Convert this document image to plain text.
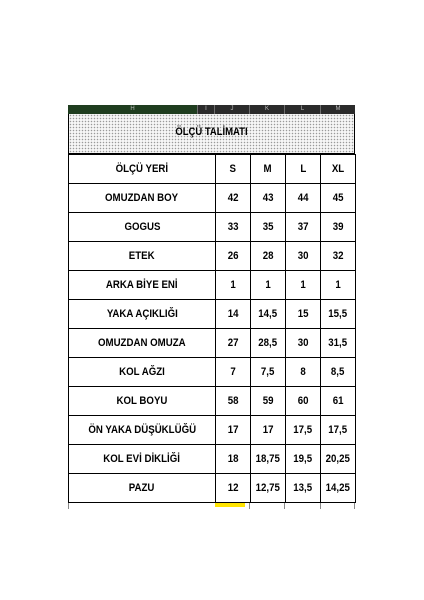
H	I	J	K	L	M
ÖLÇÜ TALİMATI
ÖLÇÜ YERİ	S	M	L	XL
OMUZDAN BOY	42	43	44	45
GOGUS	33	35	37	39
ETEK	26	28	30	32
ARKA BİYE ENİ	1	1	1	1
YAKA AÇIKLIĞI	14	14,5	15	15,5
OMUZDAN OMUZA	27	28,5	30	31,5
KOL AĞZI	7	7,5	8	8,5
KOL BOYU	58	59	60	61
ÖN YAKA DÜŞÜKLÜĞÜ	17	17	17,5	17,5
KOL EVİ DİKLİĞİ	18	18,75	19,5	20,25
PAZU	12	12,75	13,5	14,25
